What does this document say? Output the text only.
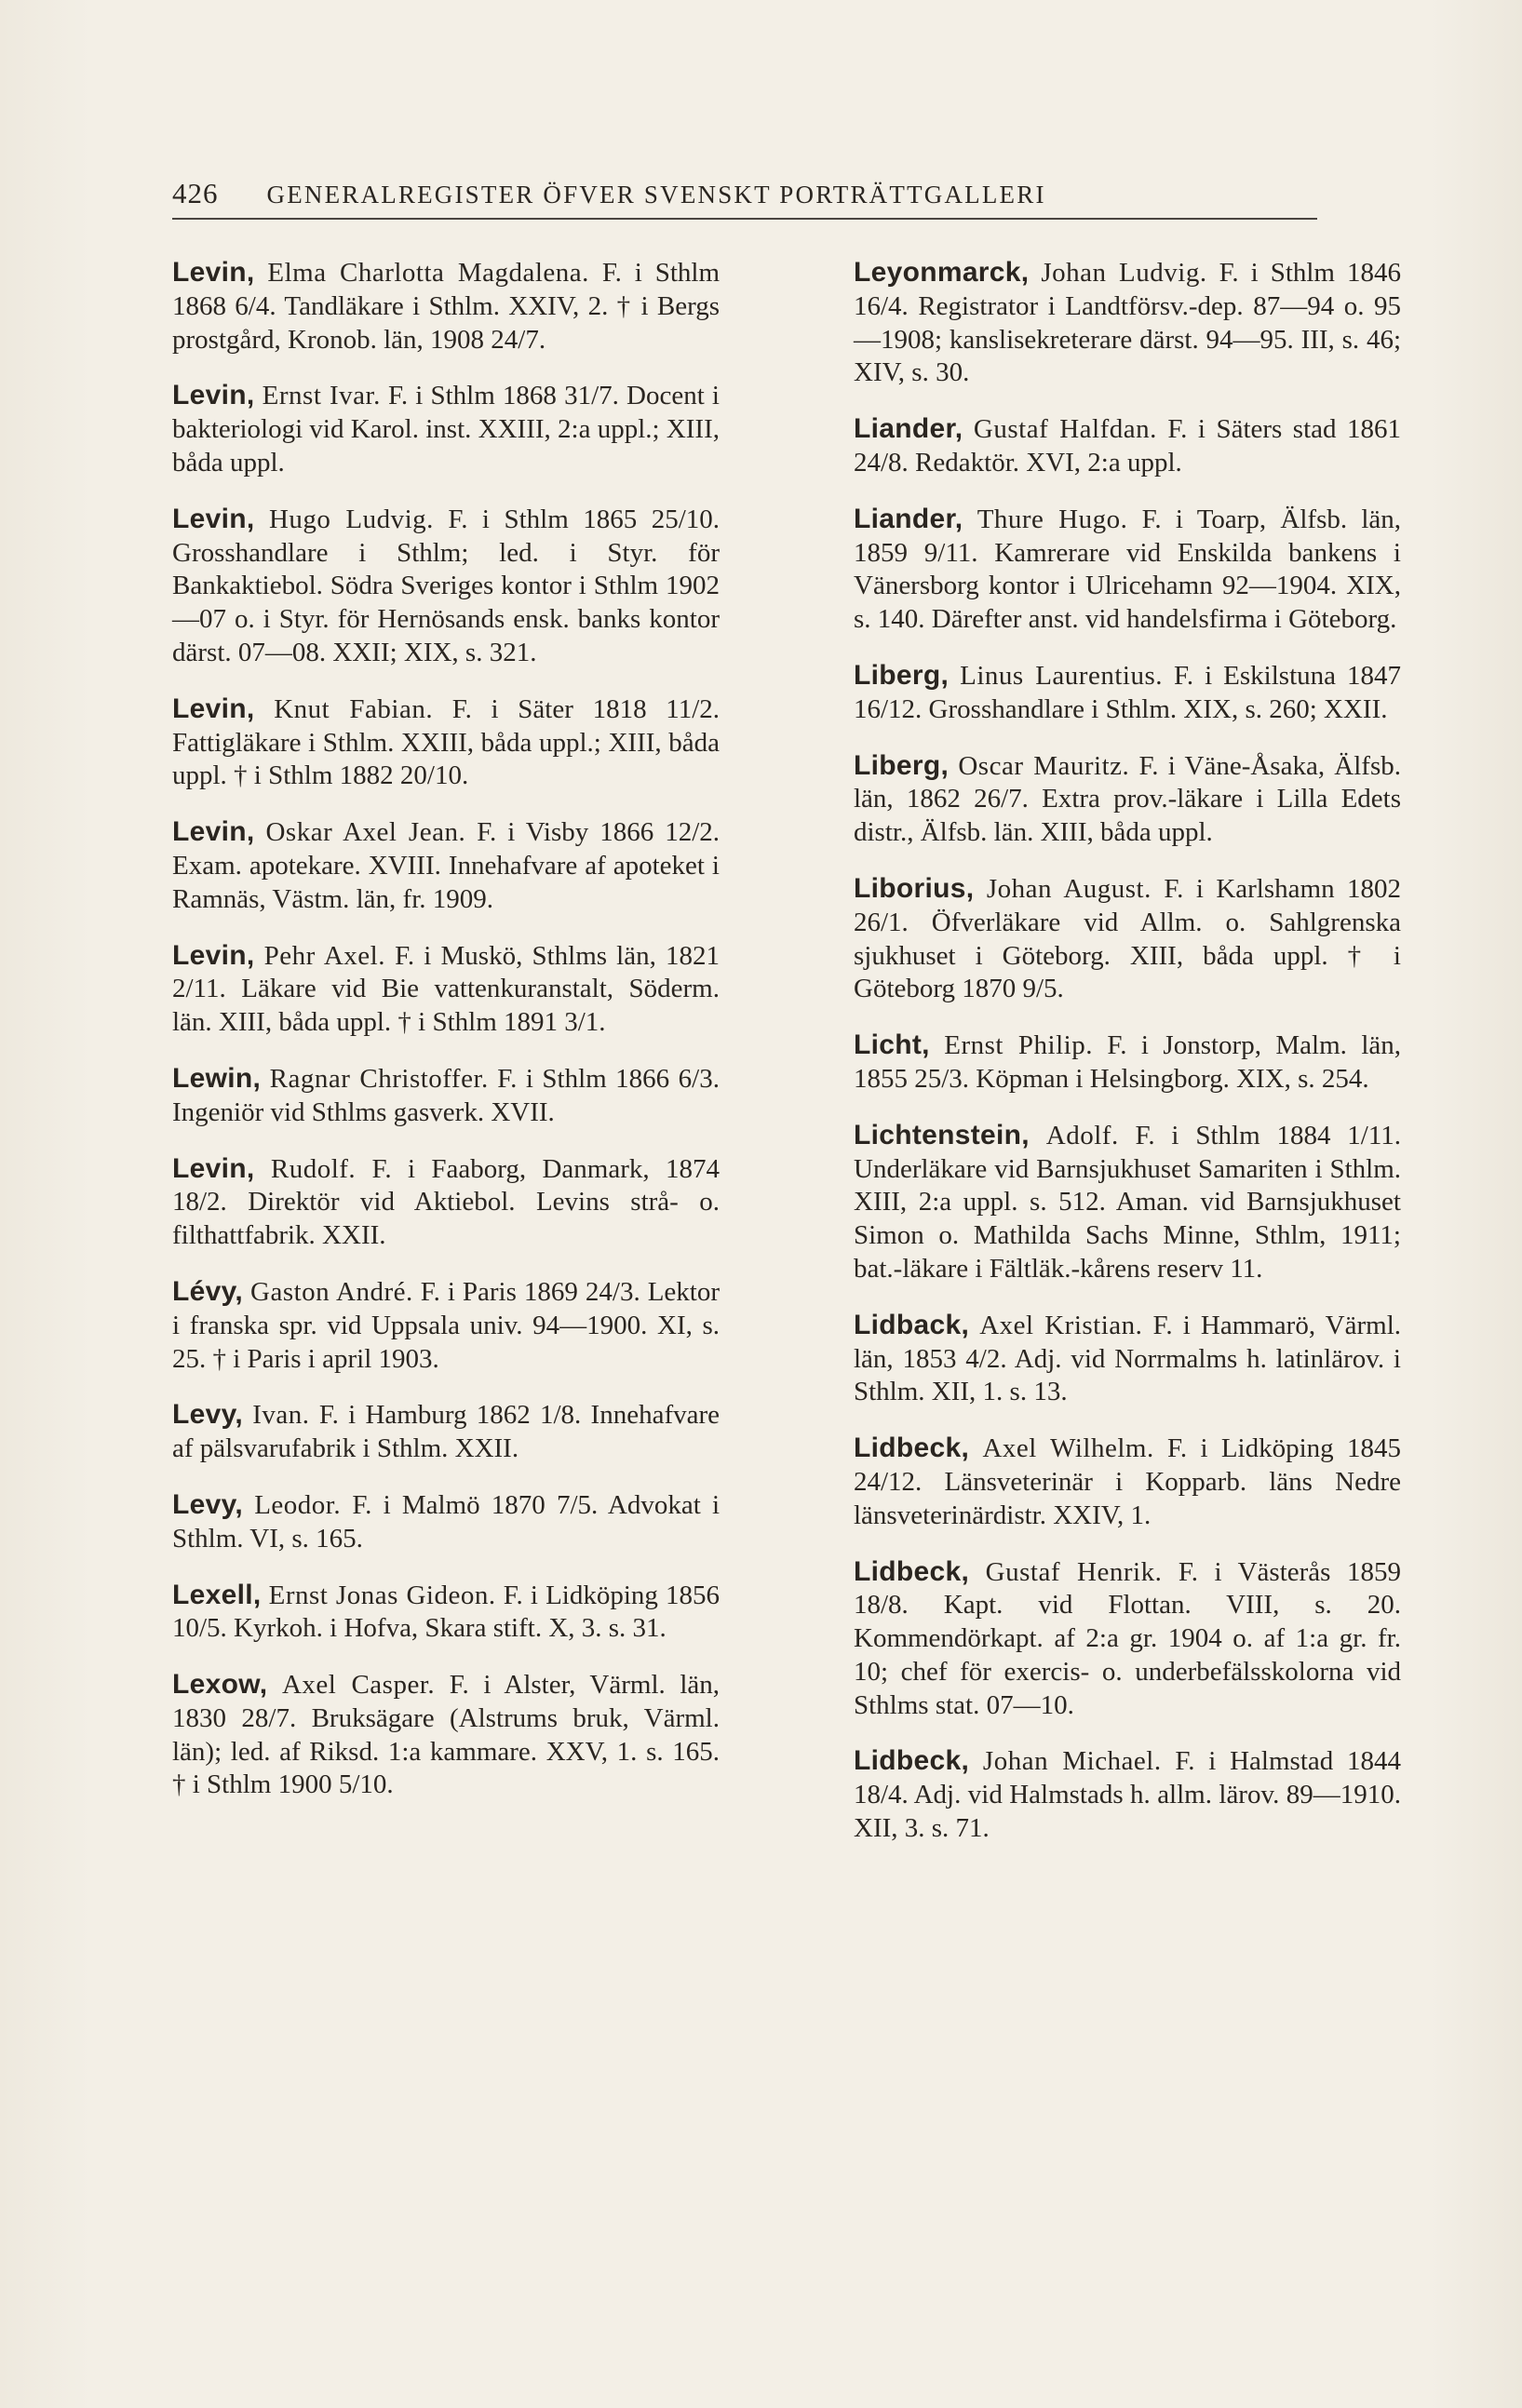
426 GENERALREGISTER ÖFVER SVENSKT PORTRÄTTGALLERI

Levin, Elma Charlotta Magdalena. F. i Sthlm 1868 6/4. Tandläkare i Sthlm. XXIV, 2. † i Bergs prostgård, Kronob. län, 1908 24/7.

Levin, Ernst Ivar. F. i Sthlm 1868 31/7. Docent i bakteriologi vid Karol. inst. XXIII, 2:a uppl.; XIII, båda uppl.

Levin, Hugo Ludvig. F. i Sthlm 1865 25/10. Grosshandlare i Sthlm; led. i Styr. för Bankaktiebol. Södra Sveriges kontor i Sthlm 1902—07 o. i Styr. för Hernösands ensk. banks kontor därst. 07—08. XXII; XIX, s. 321.

Levin, Knut Fabian. F. i Säter 1818 11/2. Fattigläkare i Sthlm. XXIII, båda uppl.; XIII, båda uppl. † i Sthlm 1882 20/10.

Levin, Oskar Axel Jean. F. i Visby 1866 12/2. Exam. apotekare. XVIII. Innehafvare af apoteket i Ramnäs, Västm. län, fr. 1909.

Levin, Pehr Axel. F. i Muskö, Sthlms län, 1821 2/11. Läkare vid Bie vattenkuranstalt, Söderm. län. XIII, båda uppl. † i Sthlm 1891 3/1.

Lewin, Ragnar Christoffer. F. i Sthlm 1866 6/3. Ingeniör vid Sthlms gasverk. XVII.

Levin, Rudolf. F. i Faaborg, Danmark, 1874 18/2. Direktör vid Aktiebol. Levins strå- o. filthattfabrik. XXII.

Lévy, Gaston André. F. i Paris 1869 24/3. Lektor i franska spr. vid Uppsala univ. 94—1900. XI, s. 25. † i Paris i april 1903.

Levy, Ivan. F. i Hamburg 1862 1/8. Innehafvare af pälsvarufabrik i Sthlm. XXII.

Levy, Leodor. F. i Malmö 1870 7/5. Advokat i Sthlm. VI, s. 165.

Lexell, Ernst Jonas Gideon. F. i Lidköping 1856 10/5. Kyrkoh. i Hofva, Skara stift. X, 3. s. 31.

Lexow, Axel Casper. F. i Alster, Värml. län, 1830 28/7. Bruksägare (Alstrums bruk, Värml. län); led. af Riksd. 1:a kammare. XXV, 1. s. 165. † i Sthlm 1900 5/10.

Leyonmarck, Johan Ludvig. F. i Sthlm 1846 16/4. Registrator i Landtförsv.-dep. 87—94 o. 95—1908; kanslisekreterare därst. 94—95. III, s. 46; XIV, s. 30.

Liander, Gustaf Halfdan. F. i Säters stad 1861 24/8. Redaktör. XVI, 2:a uppl.

Liander, Thure Hugo. F. i Toarp, Älfsb. län, 1859 9/11. Kamrerare vid Enskilda bankens i Vänersborg kontor i Ulricehamn 92—1904. XIX, s. 140. Därefter anst. vid handelsfirma i Göteborg.

Liberg, Linus Laurentius. F. i Eskilstuna 1847 16/12. Grosshandlare i Sthlm. XIX, s. 260; XXII.

Liberg, Oscar Mauritz. F. i Väne-Åsaka, Älfsb. län, 1862 26/7. Extra prov.-läkare i Lilla Edets distr., Älfsb. län. XIII, båda uppl.

Liborius, Johan August. F. i Karlshamn 1802 26/1. Öfverläkare vid Allm. o. Sahlgrenska sjukhuset i Göteborg. XIII, båda uppl. † i Göteborg 1870 9/5.

Licht, Ernst Philip. F. i Jonstorp, Malm. län, 1855 25/3. Köpman i Helsingborg. XIX, s. 254.

Lichtenstein, Adolf. F. i Sthlm 1884 1/11. Underläkare vid Barnsjukhuset Samariten i Sthlm. XIII, 2:a uppl. s. 512. Aman. vid Barnsjukhuset Simon o. Mathilda Sachs Minne, Sthlm, 1911; bat.-läkare i Fältläk.-kårens reserv 11.

Lidback, Axel Kristian. F. i Hammarö, Värml. län, 1853 4/2. Adj. vid Norrmalms h. latinlärov. i Sthlm. XII, 1. s. 13.

Lidbeck, Axel Wilhelm. F. i Lidköping 1845 24/12. Länsveterinär i Kopparb. läns Nedre länsveterinärdistr. XXIV, 1.

Lidbeck, Gustaf Henrik. F. i Västerås 1859 18/8. Kapt. vid Flottan. VIII, s. 20. Kommendörkapt. af 2:a gr. 1904 o. af 1:a gr. fr. 10; chef för exercis- o. underbefälsskolorna vid Sthlms stat. 07—10.

Lidbeck, Johan Michael. F. i Halmstad 1844 18/4. Adj. vid Halmstads h. allm. lärov. 89—1910. XII, 3. s. 71.
